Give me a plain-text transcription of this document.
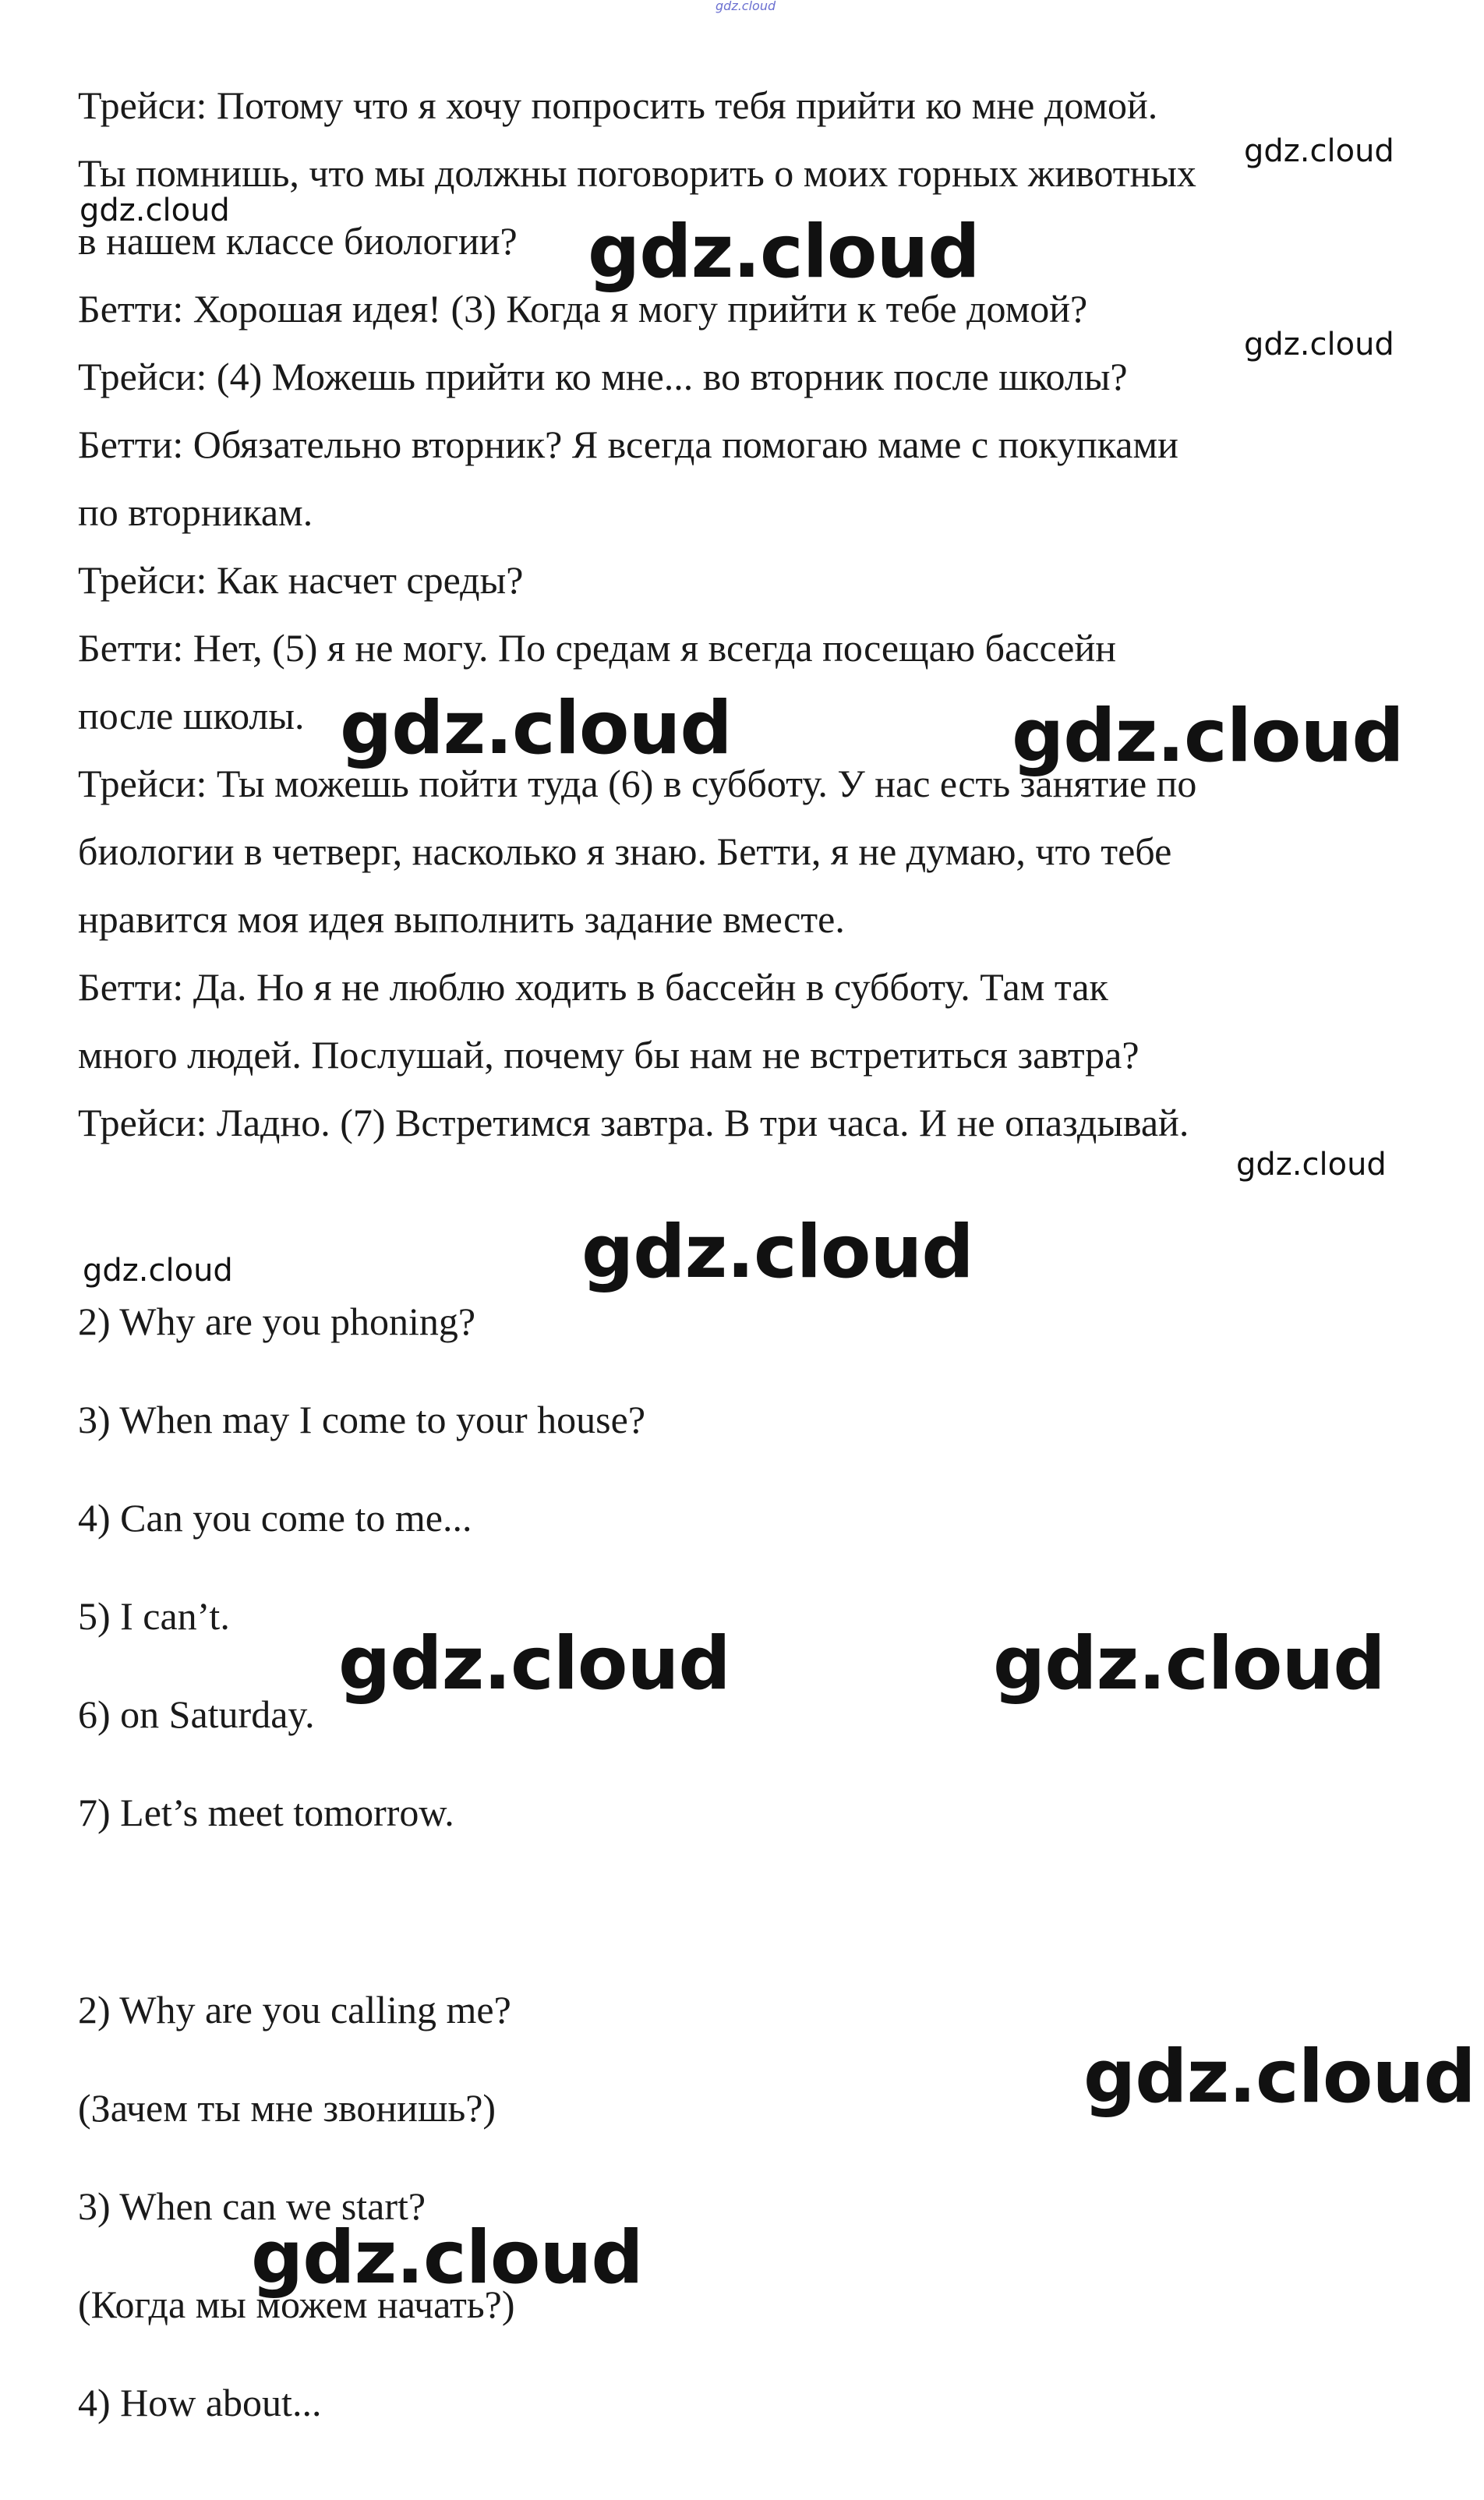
gdz.cloud
Трейси: Потому что я хочу попросить тебя прийти ко мне домой.
Ты помнишь, что мы должны поговорить о моих горных животных
в нашем классе биологии?
Бетти: Хорошая идея! (3) Когда я могу прийти к тебе домой?
Трейси: (4) Можешь прийти ко мне... во вторник после школы?
Бетти: Обязательно вторник? Я всегда помогаю маме с покупками
по вторникам.
Трейси: Как насчет среды?
Бетти: Нет, (5) я не могу. По средам я всегда посещаю бассейн
после школы.
Трейси: Ты можешь пойти туда (6) в субботу. У нас есть занятие по
биологии в четверг, насколько я знаю. Бетти, я не думаю, что тебе
нравится моя идея выполнить задание вместе.
Бетти: Да. Но я не люблю ходить в бассейн в субботу. Там так
много людей. Послушай, почему бы нам не встретиться завтра?
Трейси: Ладно. (7) Встретимся завтра. В три часа. И не опаздывай.
2) Why are you phoning?
3) When may I come to your house?
4) Can you come to me...
5) I can’t.
6) on Saturday.
7) Let’s meet tomorrow.
2) Why are you calling me?
(Зачем ты мне звонишь?)
3) When can we start?
(Когда мы можем начать?)
4) How about...
gdz.cloud
gdz.cloud
gdz.cloud
gdz.cloud
gdz.cloud
gdz.cloud
gdz.cloud	gdz.cloud
gdz.cloud
gdz.cloud	gdz.cloud
gdz.cloud
gdz.cloud
